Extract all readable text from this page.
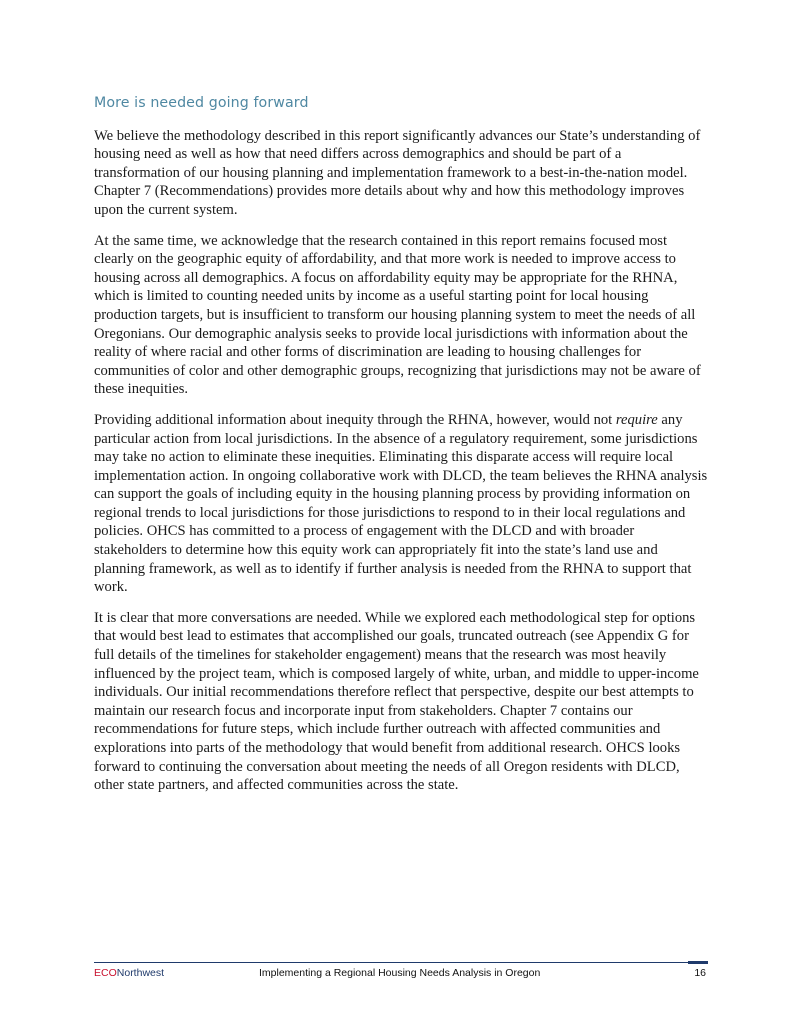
More is needed going forward

We believe the methodology described in this report significantly advances our State’s understanding of housing need as well as how that need differs across demographics and should be part of a transformation of our housing planning and implementation framework to a best-in-the-nation model. Chapter 7 (Recommendations) provides more details about why and how this methodology improves upon the current system.

At the same time, we acknowledge that the research contained in this report remains focused most clearly on the geographic equity of affordability, and that more work is needed to improve access to housing across all demographics. A focus on affordability equity may be appropriate for the RHNA, which is limited to counting needed units by income as a useful starting point for local housing production targets, but is insufficient to transform our housing planning system to meet the needs of all Oregonians. Our demographic analysis seeks to provide local jurisdictions with information about the reality of where racial and other forms of discrimination are leading to housing challenges for communities of color and other demographic groups, recognizing that jurisdictions may not be aware of these inequities.

Providing additional information about inequity through the RHNA, however, would not require any particular action from local jurisdictions. In the absence of a regulatory requirement, some jurisdictions may take no action to eliminate these inequities. Eliminating this disparate access will require local implementation action. In ongoing collaborative work with DLCD, the team believes the RHNA analysis can support the goals of including equity in the housing planning process by providing information on regional trends to local jurisdictions for those jurisdictions to respond to in their local regulations and policies. OHCS has committed to a process of engagement with the DLCD and with broader stakeholders to determine how this equity work can appropriately fit into the state’s land use and planning framework, as well as to identify if further analysis is needed from the RHNA to support that work.

It is clear that more conversations are needed. While we explored each methodological step for options that would best lead to estimates that accomplished our goals, truncated outreach (see Appendix G for full details of the timelines for stakeholder engagement) means that the research was most heavily influenced by the project team, which is composed largely of white, urban, and middle to upper-income individuals. Our initial recommendations therefore reflect that perspective, despite our best attempts to maintain our research focus and incorporate input from stakeholders. Chapter 7 contains our recommendations for future steps, which include further outreach with affected communities and explorations into parts of the methodology that would benefit from additional research. OHCS looks forward to continuing the conversation about meeting the needs of all Oregon residents with DLCD, other state partners, and affected communities across the state.

ECONorthwest	Implementing a Regional Housing Needs Analysis in Oregon	16
